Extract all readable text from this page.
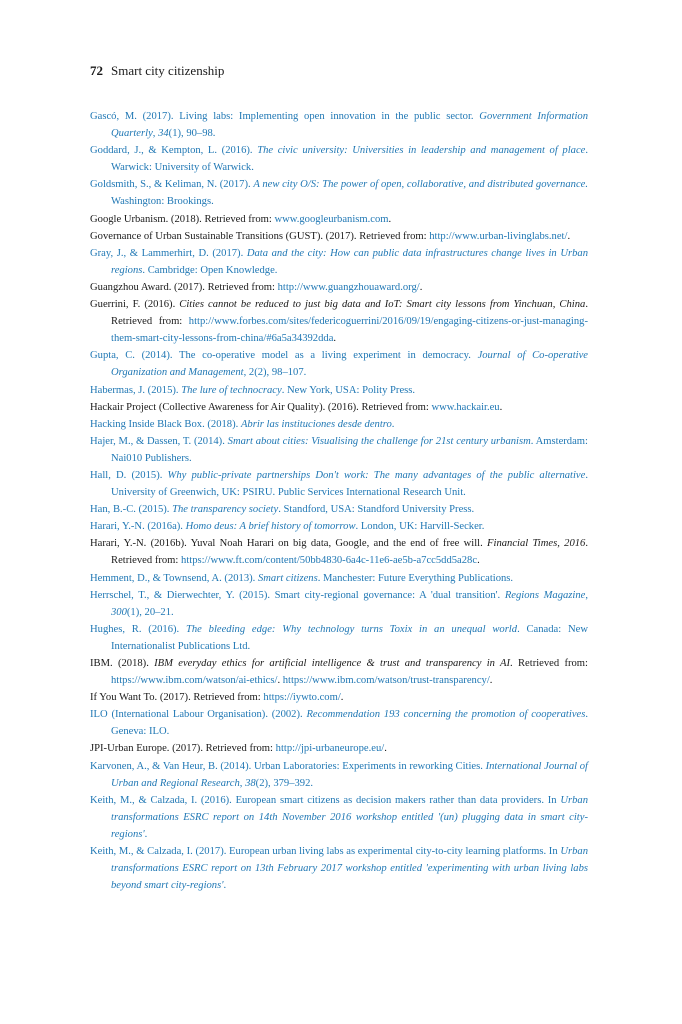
72 Smart city citizenship

Gascó, M. (2017). Living labs: Implementing open innovation in the public sector. Government Information Quarterly, 34(1), 90–98.

Goddard, J., & Kempton, L. (2016). The civic university: Universities in leadership and management of place. Warwick: University of Warwick.

Goldsmith, S., & Keliman, N. (2017). A new city O/S: The power of open, collaborative, and distributed governance. Washington: Brookings.

Google Urbanism. (2018). Retrieved from: www.googleurbanism.com.

Governance of Urban Sustainable Transitions (GUST). (2017). Retrieved from: http://www.urban-livinglabs.net/.

Gray, J., & Lammerhirt, D. (2017). Data and the city: How can public data infrastructures change lives in Urban regions. Cambridge: Open Knowledge.

Guangzhou Award. (2017). Retrieved from: http://www.guangzhouaward.org/.

Guerrini, F. (2016). Cities cannot be reduced to just big data and IoT: Smart city lessons from Yinchuan, China. Retrieved from: http://www.forbes.com/sites/federicoguerrini/2016/09/19/engaging-citizens-or-just-managing-them-smart-city-lessons-from-china/#6a5a34392dda.

Gupta, C. (2014). The co-operative model as a living experiment in democracy. Journal of Co-operative Organization and Management, 2(2), 98–107.

Habermas, J. (2015). The lure of technocracy. New York, USA: Polity Press.

Hackair Project (Collective Awareness for Air Quality). (2016). Retrieved from: www.hackair.eu.

Hacking Inside Black Box. (2018). Abrir las instituciones desde dentro.

Hajer, M., & Dassen, T. (2014). Smart about cities: Visualising the challenge for 21st century urbanism. Amsterdam: Nai010 Publishers.

Hall, D. (2015). Why public-private partnerships Don't work: The many advantages of the public alternative. University of Greenwich, UK: PSIRU. Public Services International Research Unit.

Han, B.-C. (2015). The transparency society. Standford, USA: Standford University Press.

Harari, Y.-N. (2016a). Homo deus: A brief history of tomorrow. London, UK: Harvill-Secker.

Harari, Y.-N. (2016b). Yuval Noah Harari on big data, Google, and the end of free will. Financial Times, 2016. Retrieved from: https://www.ft.com/content/50bb4830-6a4c-11e6-ae5b-a7cc5dd5a28c.

Hemment, D., & Townsend, A. (2013). Smart citizens. Manchester: Future Everything Publications.

Herrschel, T., & Dierwechter, Y. (2015). Smart city-regional governance: A 'dual transition'. Regions Magazine, 300(1), 20–21.

Hughes, R. (2016). The bleeding edge: Why technology turns Toxix in an unequal world. Canada: New Internationalist Publications Ltd.

IBM. (2018). IBM everyday ethics for artificial intelligence & trust and transparency in AI. Retrieved from: https://www.ibm.com/watson/ai-ethics/. https://www.ibm.com/watson/trust-transparency/.

If You Want To. (2017). Retrieved from: https://iywto.com/.

ILO (International Labour Organisation). (2002). Recommendation 193 concerning the promotion of cooperatives. Geneva: ILO.

JPI-Urban Europe. (2017). Retrieved from: http://jpi-urbaneurope.eu/.

Karvonen, A., & Van Heur, B. (2014). Urban Laboratories: Experiments in reworking Cities. International Journal of Urban and Regional Research, 38(2), 379–392.

Keith, M., & Calzada, I. (2016). European smart citizens as decision makers rather than data providers. In Urban transformations ESRC report on 14th November 2016 workshop entitled '(un) plugging data in smart city-regions'.

Keith, M., & Calzada, I. (2017). European urban living labs as experimental city-to-city learning platforms. In Urban transformations ESRC report on 13th February 2017 workshop entitled 'experimenting with urban living labs beyond smart city-regions'.
